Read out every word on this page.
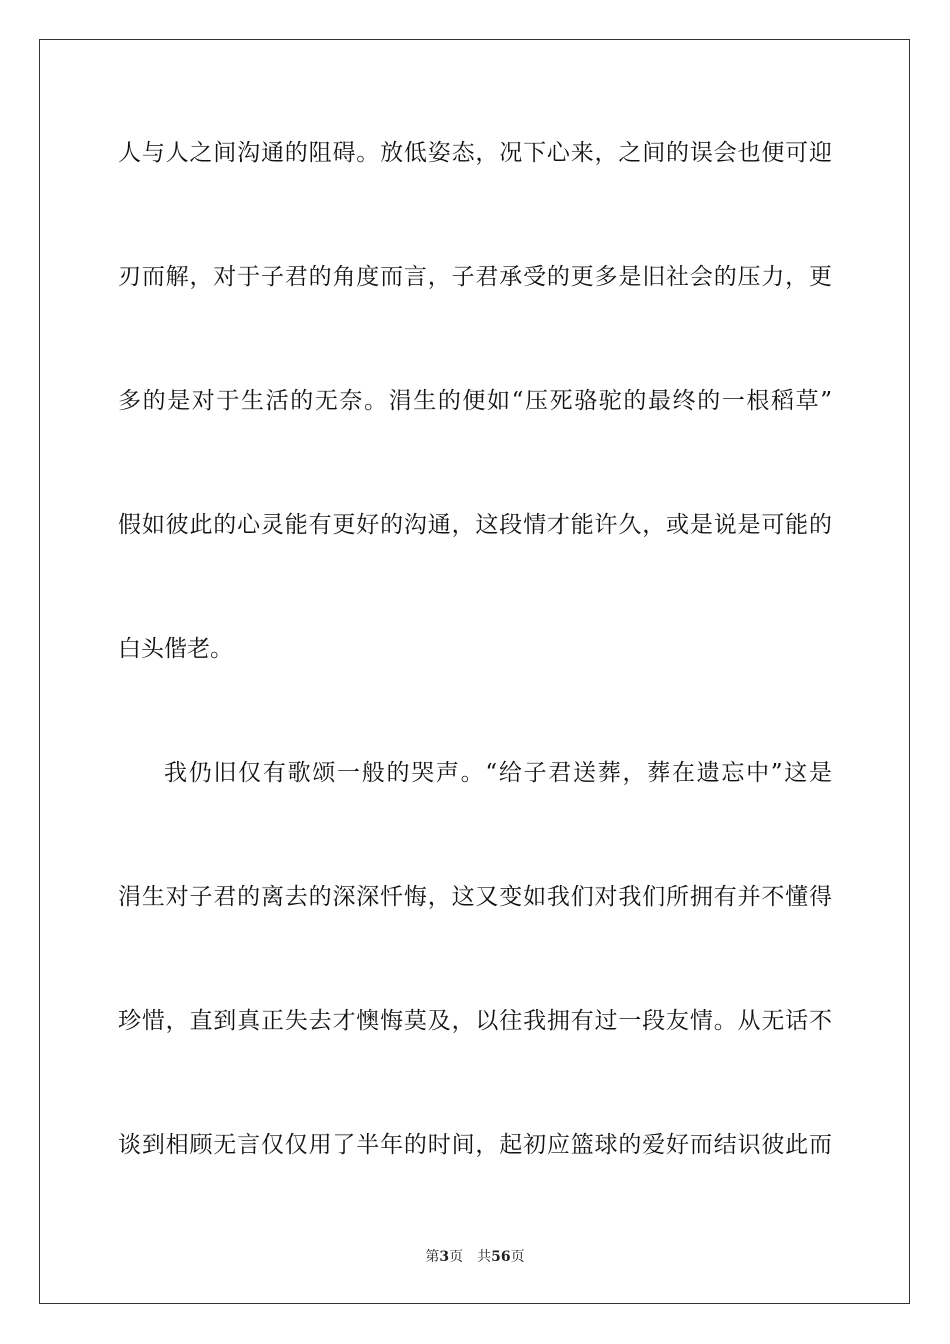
人与人之间沟通的阻碍。放低姿态，况下心来，之间的误会也便可迎
刃而解，对于子君的角度而言，子君承受的更多是旧社会的压力，更
多的是对于生活的无奈。涓生的便如“压死骆驼的最终的一根稻草”
假如彼此的心灵能有更好的沟通，这段情才能许久，或是说是可能的
白头偕老。
我仍旧仅有歌颂一般的哭声。“给子君送葬，葬在遗忘中”这是
涓生对子君的离去的深深忏悔，这又变如我们对我们所拥有并不懂得
珍惜，直到真正失去才懊悔莫及，以往我拥有过一段友情。从无话不
谈到相顾无言仅仅用了半年的时间，起初应篮球的爱好而结识彼此而
第3页 共56页
